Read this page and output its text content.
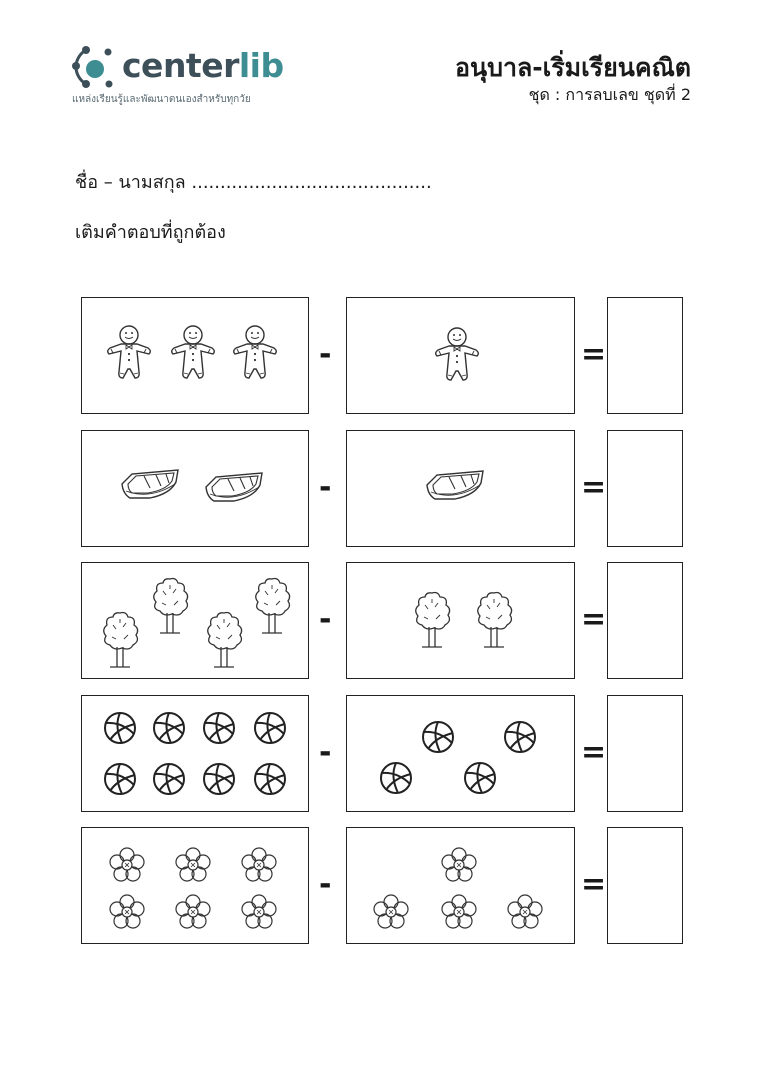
centerlib
แหล่งเรียนรู้และพัฒนาตนเองสำหรับทุกวัย
อนุบาล-เริ่มเรียนคณิต
ชุด : การลบเลข ชุดที่ 2
ชื่อ – นามสกุล ..........................................
เติมคำตอบที่ถูกต้อง
-	=
-	=
-	=
-	=
-	=
